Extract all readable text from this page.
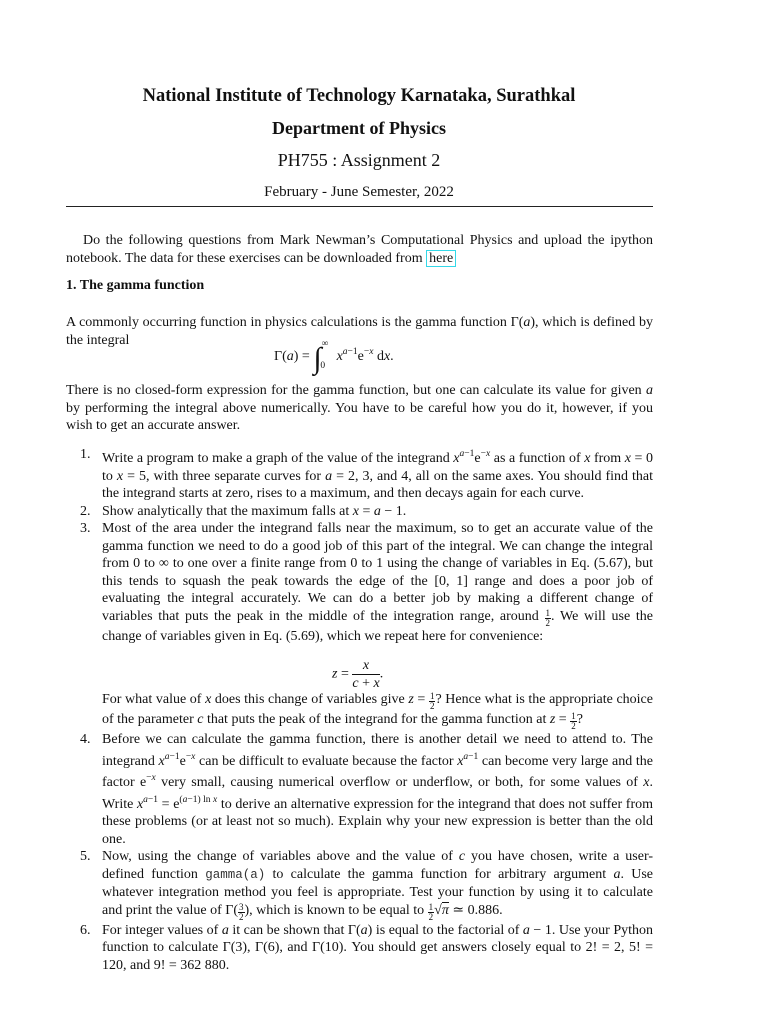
National Institute of Technology Karnataka, Surathkal
Department of Physics
PH755 : Assignment 2
February - June Semester, 2022
Do the following questions from Mark Newman’s Computational Physics and upload the ipython notebook. The data for these exercises can be downloaded from here
1. The gamma function
A commonly occurring function in physics calculations is the gamma function Γ(a), which is defined by the integral
$\Gamma(a) = \int^\infty_0$ $x^{a-1}e^{-x}$ dx.
There is no closed-form expression for the gamma function, but one can calculate its value for given a by performing the integral above numerically. You have to be careful how you do it, however, if you wish to get an accurate answer.
1. Write a program to make a graph of the value of the integrand $x^{a-1}e^{-x}$ as a function of x from x = 0 to x = 5, with three separate curves for a = 2, 3, and 4, all on the same axes. You should find that the integrand starts at zero, rises to a maximum, and then decays again for each curve.
2. Show analytically that the maximum falls at x = a − 1.
3. Most of the area under the integrand falls near the maximum, so to get an accurate value of the gamma function we need to do a good job of this part of the integral. We can change the integral from 0 to ∞ to one over a finite range from 0 to 1 using the change of variables in Eq. (5.67), but this tends to squash the peak towards the edge of the [0, 1] range and does a poor job of evaluating the integral accurately. We can do a better job by making a different change of variables that puts the peak in the middle of the integration range, around $\frac{1}{2}$ . We will use the change of variables given in Eq. (5.69), which we repeat here for convenience:
$z = \frac{x}{c + x}$ .
For what value of x does this change of variables give $z = \frac{1}{2}$ ? Hence what is the appropriate choice of the parameter c that puts the peak of the integrand for the gamma function at $z = \frac{1}{2}$ ?
4. Before we can calculate the gamma function, there is another detail we need to attend to. The integrand $x^{a-1}e^{-x}$ can be difficult to evaluate because the factor $x^{a-1}$ can become very large and the factor $e^{-x}$ very small, causing numerical overflow or underflow, or both, for some values of x. Write $x^{a-1} = e^{(a-1) ln x}$ to derive an alternative expression for the integrand that does not suffer from these problems (or at least not so much). Explain why your new expression is better than the old one.
5. Now, using the change of variables above and the value of c you have chosen, write a user-defined function gamma(a) to calculate the gamma function for arbitrary argument a. Use whatever integration method you feel is appropriate. Test your function by using it to calculate and print the value of $\Gamma( \frac{3}{2}$ ), which is known to be equal to $\frac{1}{2} √\pi$ ≃ 0.886.
6. For integer values of a it can be shown that Γ(a) is equal to the factorial of a − 1. Use your Python function to calculate Γ(3), Γ(6), and Γ(10). You should get answers closely equal to 2! = 2, 5! = 120, and 9! = 362 880.
